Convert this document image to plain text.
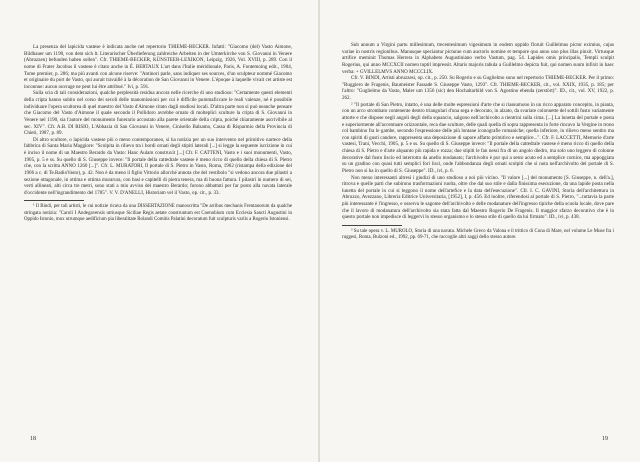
La presenza del lapicida vastese è indicata anche nel repertorio THIEME-BECKER. Infatti: "Giacomo (del) Vasto Aimone, Bildhauer um 1190, von dem sich lt. Literarischer Überlieferung zahlreiche Arbeiten in der Umterkirche von S. Giovanni in Venere (Abruzzen) befunden haben sollen". Cfr. THIEME-BECKER, KÜNSTEER-LEXIKON, Leipzig, 1926, Vol. XVIII, p. 289. Con il nome di Frater Jacobus il vastese è citato anche in É. BERTAUX L'art dans l'Italie méridionale, Paris, A. Fontemoing edit., 1904, Tome premier, p. 286; ma più avanti con alcune riserve: "Antinori parle, sans indiquer ses sources, d'un sculpteur nommé Giacomo et originaire du port de Vasto, qui aurait travaillé à la décoration de San Giovanni in Venere. L'époque à laquelle vivait cet artiste est inconnue: aucun ouvrage ne peut lui être attribué." Ivi, p. 591.

Sulla scia di tali considerazioni, qualche perplessità residua ancora nelle ricerche di uno studioso: "Certamente questi elementi della cripta hanno subito nel corso dei secoli delle manomissioni per cui è difficile pummaficcare le reali valenze, né è possibile individuare l'opera scultorea di quel maestro del Vasto d'Aimone citato dagli studiosi locali. D'altra parte non si può neanche pensare che Giacomo del Vasto d'Aimone il quale secondo il Pollidoro avrebbe ornato di molteplici sculture la cripta di S. Giovanni in Venere nel 1190, sia l'autore del monumento funerario accostato alla parete orientale della cripta, poiché chiaramente ascrivibile al sec. XIV". Cfr. A.B. DI RISIO, L'Abbazia di San Giovanni in Venere, Cinisello Balsamo, Cassa di Risparmio della Provincia di Chieti, 1987, p. 89.

Di altro scultore, o lapicida vastese più o meno contemporaneo, si ha notizia per un suo intervento nel primitivo nartece della fabbrica di Santa Maria Maggiore: "Scolpita in rilievo tra i bordi ornati degli stipiti laterali [...] si legge la seguente iscrizione in cui è inciso il nome di un Maestro Berardo da Vasto: Hanc Aulam construxit [...] Cfr. F. CATTENI, Vasto e i suoi monumenti, Vasto, 1905, p. 5 e ss. Su quello di S. Giuseppe invece: "Il portale della cattedrale vastese è meno ricco di quello della chiesa di S. Pietro che, con la scritta ANNO 1260 [...]". Cfr. L. MURATORI, Il portale di S. Pietro in Vasto, Roma, 1962 (ristampa della edizione del 1906 a c. di Te.RadioVasto), p. 42. Non è da meno il figlio Vittorio allorché annota che del vestibolo "si vedono ancora due pilastri a sezione ottagonale, in ottima e ottima murarura, con basi e capitelli di pietra tenera, ma di buona fattura. I pilastri in numero di sei, verti allineati, alti circa tre metri, sono stati a mio avviso del maestro Berardo; furono abbattuti per far posto alla navata laterale d'occidente nell'ingrandimento del 1785". V. V. D'ANELLI, Historiam vel il Vasto, op. cit., p. 33.

¹ Il Bindi, per tali artisti, le cui notizie ricava da una DISSERTAZIONE manoscritta "De arribus mechanis Frentanorum da qualche stringata notizia: "Caroli I Andegavensis utriusque Siciliae Regis aetate construntum est Coenobium cum Ecclesia Sancti Augustini in Oppido Istonio, mox utrumque aedificium pia liberalitate Rolandi Comitis Palatini decoratum fuit sculpturis variis a Rogerio Istoniensi.

18

Sub annum a Virgini partu millesimum, trecentesimum vigesimum in eodem oppido floruit Guillelmus pictor eximius, cujus variae in nostris regionibus. Manusque speciantur picturae cum auctoris nomine et tempore quo anno uno plus illas pinxit. Virtusque artifice meminit Thomas Herrera in Alphabeto Augustiniano verbo Vastum, pag. 54. Lapides omis principalis, Templi sculpit Rogerius, qui anno MCCXCII nomen tuptil impressit. Altaris majoris tabula a Guillelmo depicta fuit, qui nomen suum infixit in haec verba: + GVILLELMVS ANNO MCCCLIX.

Cfr. V. BINDI, Artisti abruzzesi, op. cit., p. 250. Su Rogerio e su Guglielmo sono nel repertorio THIEME-BECKER. Per il primo: "Ruggiero de Fragenis, Baumeister Fassade S. Giuseppe Vasto, 1293". Cfr. THIEME-BECKER, cit., vol. XXIX, 1935, p. 185; per l'altro: "Guglielmo da Vasto, Maler um 1356 (sic) den Hochaltarbild von S. Agostino ebenda (zerstört)". ID., cit., vol. XV, 1922, p. 262.

² "Il portale di San Pietro, intatto, è una delle molte espressioni d'arte che si riassumono in un ricco apparato concepito, in pianta, con un arco strombato contenente dentro triangolari d'una sega e decorato, in alzato, da svariate colonnette del sottili fusto variamente attorte e che dispose negli angoli degli della squancio, salgono nell'archivolto a rientrini sulla cima. [...] La lunetta del portale e posta e superiormente all'accentuare orizzontale, reca due sculture, delle quali quella di sopra rappresenta in forte rincavo la Vergine in trono col bambino fra le gambe, secondo l'espressione delle più lontane iconografie romaniche; quella inferiore, in rilievo meno sentito ma con spiriti di gusti candore, rappresenta una deposizione di sapore affatto primitivo e semplice...". Cfr. F. LACCETTI, Memorie d'arte vastesi, Trani, Vecchi, 1905, p. 5 e ss. Su quello di S. Giuseppe invece: "Il portale della cattedrale vastese è meno ricco di quello della chiesa di S. Pietro e d'arte alquanto più rapida e rozza; due stipiti le fan nessi fra di un angolo diedro, ma solo uno leggero di colonne decorative dal fusto liscio ed interrotto da anello modanato; l'archivolto è pur qui a sesto acuto ed a semplice cornice, ma appoggiata su un gradino con quasi tutti semplici fori lisci, onde l'abbondanza degli ornati scolpiti che si nota nell'archivolto del portale di S. Pietro non si ha in quello di S. Giuseppe". ID., ivi, p. 6.

Non meno interessanti altresì i giudizi di uno studioso a noi più vicino. "Il valore [...] del monumento [S. Giuseppe, n. dell'a.], ritrova e quelle parti che subirono trasformazioni ruolta, oltre che dal suo stile e dalla finissima esecuzione, da una lapide posta nella lunetta del portale in cui si leggono il nome dell'artefice e la data dell'esecuzione". Cfr. I. C. GAVINI, Storia dell'architettura in Abruzzo, Avezzano, Libreria Editrice Universitaria, [1952], I, p. 456. Ed inoltre, riferendosi al portale di S. Pietro, "...tuttavia la parte più interessante è l'ingresso, e osserva le sagome dell'archivolto e delle modanature dell'ingresso tipiche della scuola locale, dove pare che il lavoro di modanatura dell'archivolto sia stata fatta dal Maestro Rogerio De Fragenis. Il maggior sfarzo decorativo che è in questo portale non impedisce di leggervi lo stesso organismo e lo stesso stile di quello da lui firmato". ID., ivi, p. 438.

³ Su tale opera v. L. MUROLO, Storia di una navata. Michele Greco da Valona e il trittico di Cona di Mare, nel volume Le Muse fra i ruggesi, Roma, Bulzoni ed., 1992, pp. 69-71, che raccoglie altri saggi dello stesso autore.

19
